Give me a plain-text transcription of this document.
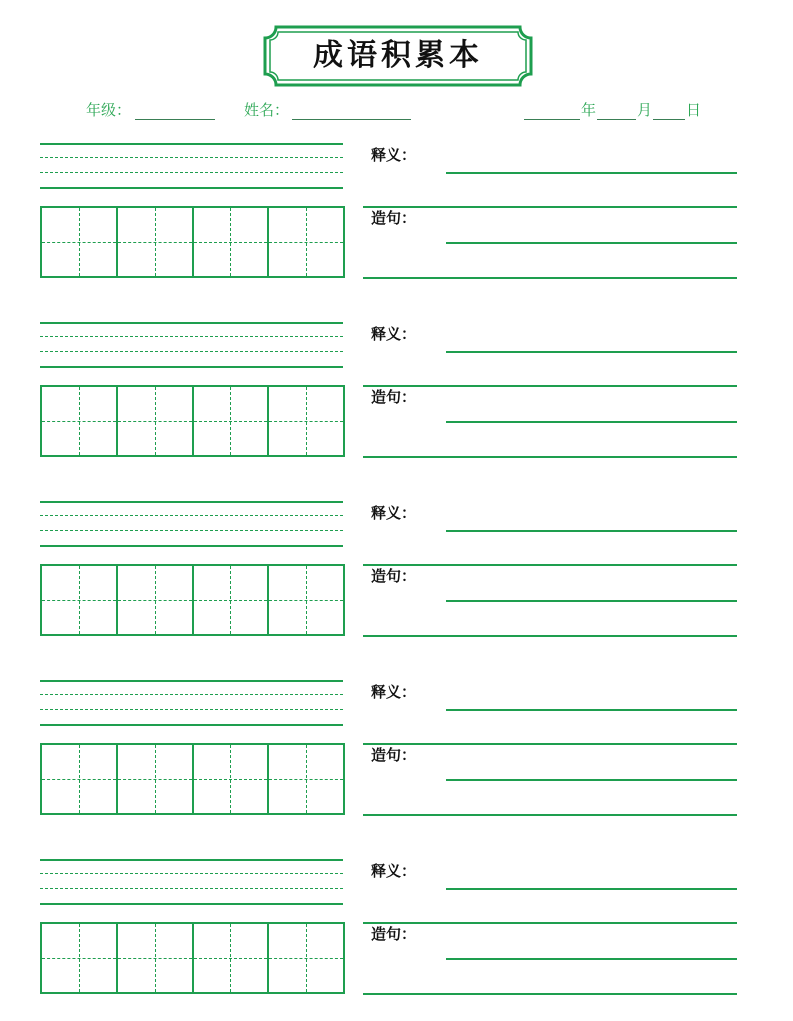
成语积累本
年级：	姓名：	年	月 日
释义：
造句：
释义：
造句：
释义：
造句：
释义：
造句：
释义：
造句：
